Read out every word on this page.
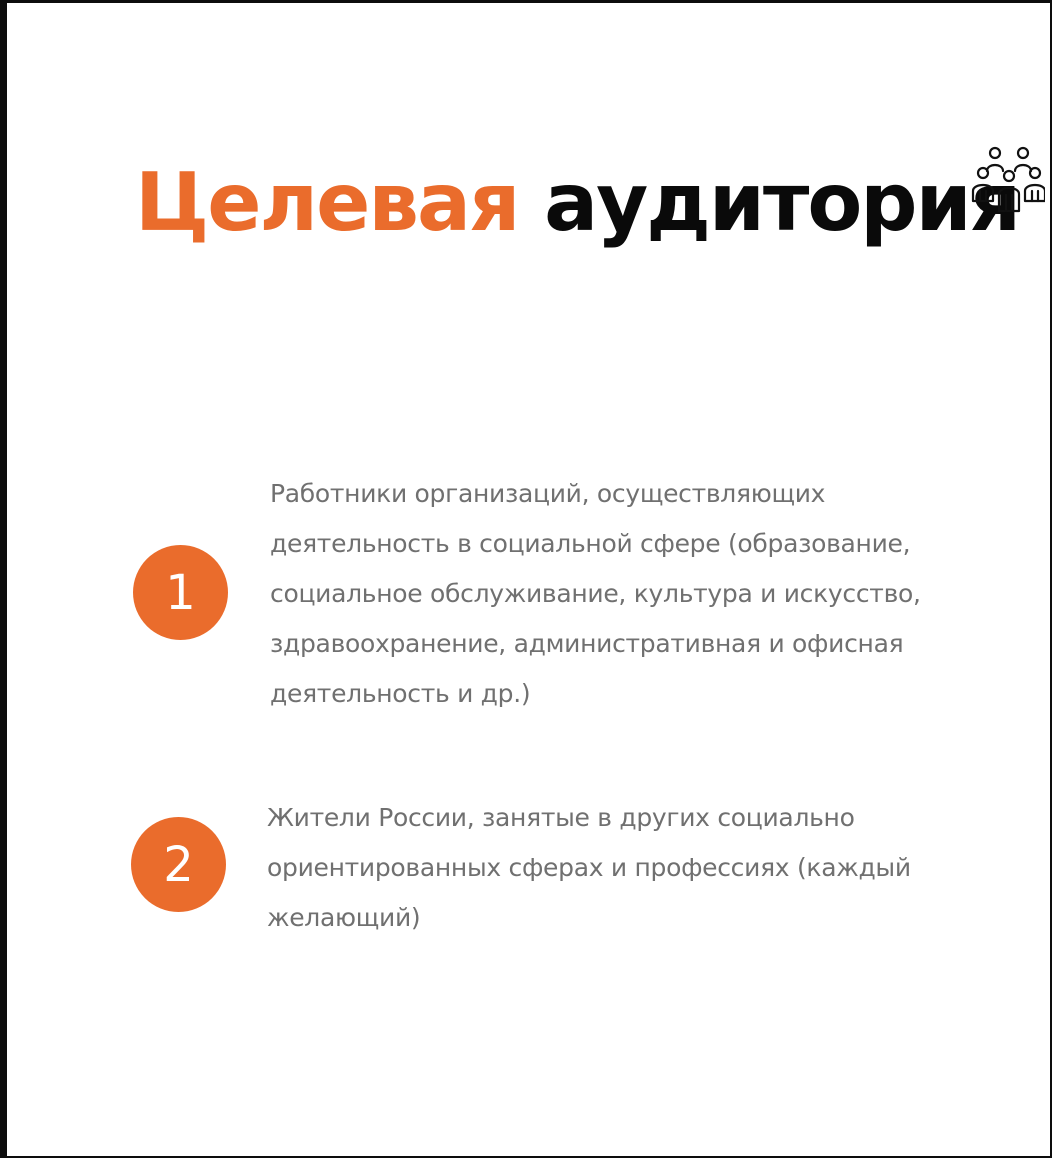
Целевая аудитория
1

Работники организаций, осуществляющих деятельность в социальной сфере (образование, социальное обслуживание, культура и искусство, здравоохранение, административная и офисная деятельность и др.)

2

Жители России, занятые в других социально ориентированных сферах и профессиях (каждый желающий)
